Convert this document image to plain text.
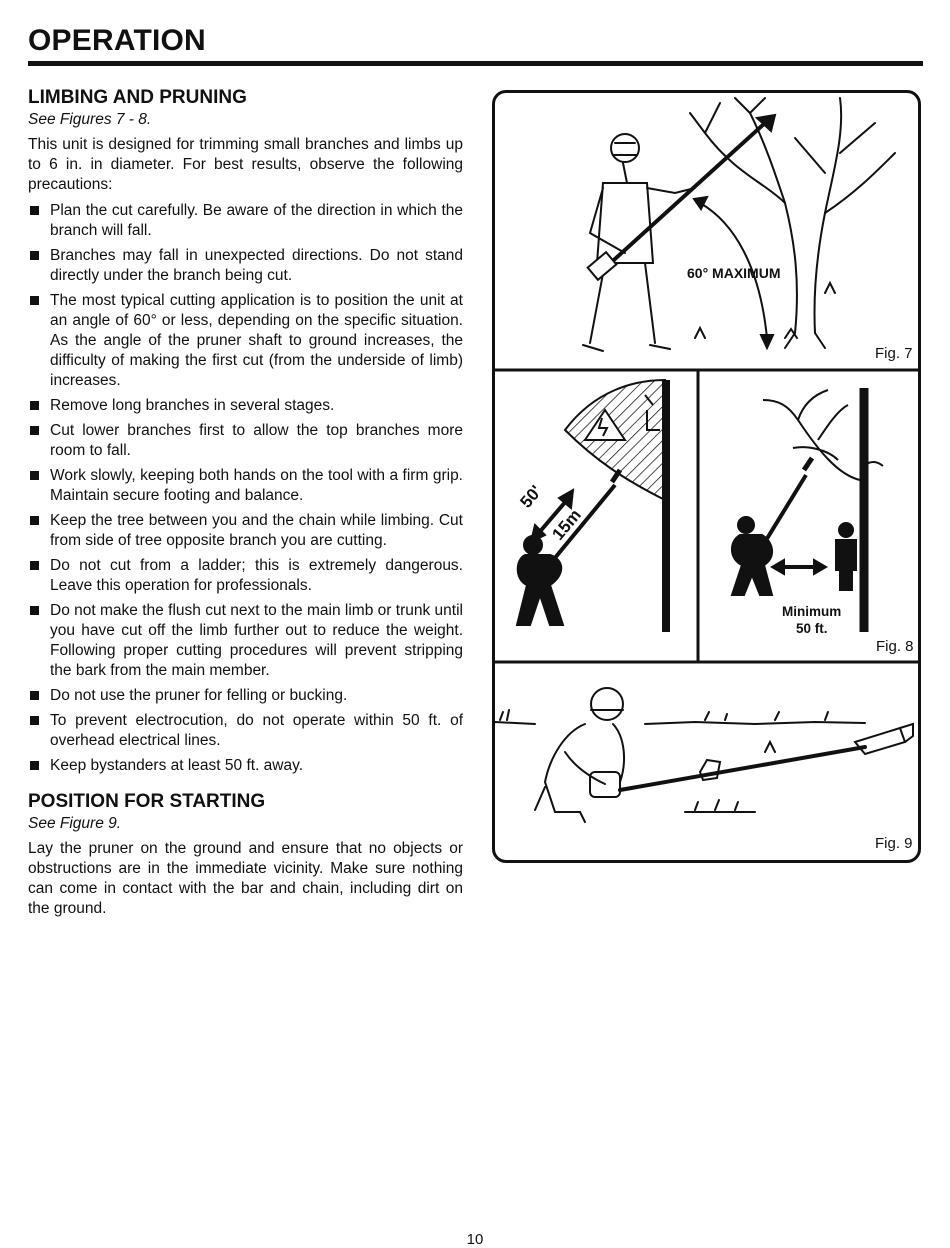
OPERATION
LIMBING AND PRUNING

See Figures 7 - 8.

This unit is designed for trimming small branches and limbs up to 6 in. in diameter. For best results, observe the following precautions:

Plan the cut carefully. Be aware of the direction in which the branch will fall.
Branches may fall in unexpected directions. Do not stand directly under the branch being cut.
The most typical cutting application is to position the unit at an angle of 60° or less, depending on the specific situation. As the angle of the pruner shaft to ground increases, the difficulty of making the first cut (from the underside of limb) increases.
Remove long branches in several stages.
Cut lower branches first to allow the top branches more room to fall.
Work slowly, keeping both hands on the tool with a firm grip. Maintain secure footing and balance.
Keep the tree between you and the chain while limbing. Cut from side of tree opposite branch you are cutting.
Do not cut from a ladder; this is extremely dangerous. Leave this operation for professionals.
Do not make the flush cut next to the main limb or trunk until you have cut off the limb further out to reduce the weight. Following proper cutting procedures will prevent stripping the bark from the main member.
Do not use the pruner for felling or bucking.
To prevent electrocution, do not operate within 50 ft. of overhead electrical lines.
Keep bystanders at least 50 ft. away.
POSITION FOR STARTING

See Figure 9.

Lay the pruner on the ground and ensure that no objects or obstructions are in the immediate vicinity. Make sure nothing can come in contact with the bar and chain, including dirt on the ground.

60° MAXIMUM
Fig. 7
50'
15m
Minimum
50 ft.
Fig. 8
Fig. 9
10
